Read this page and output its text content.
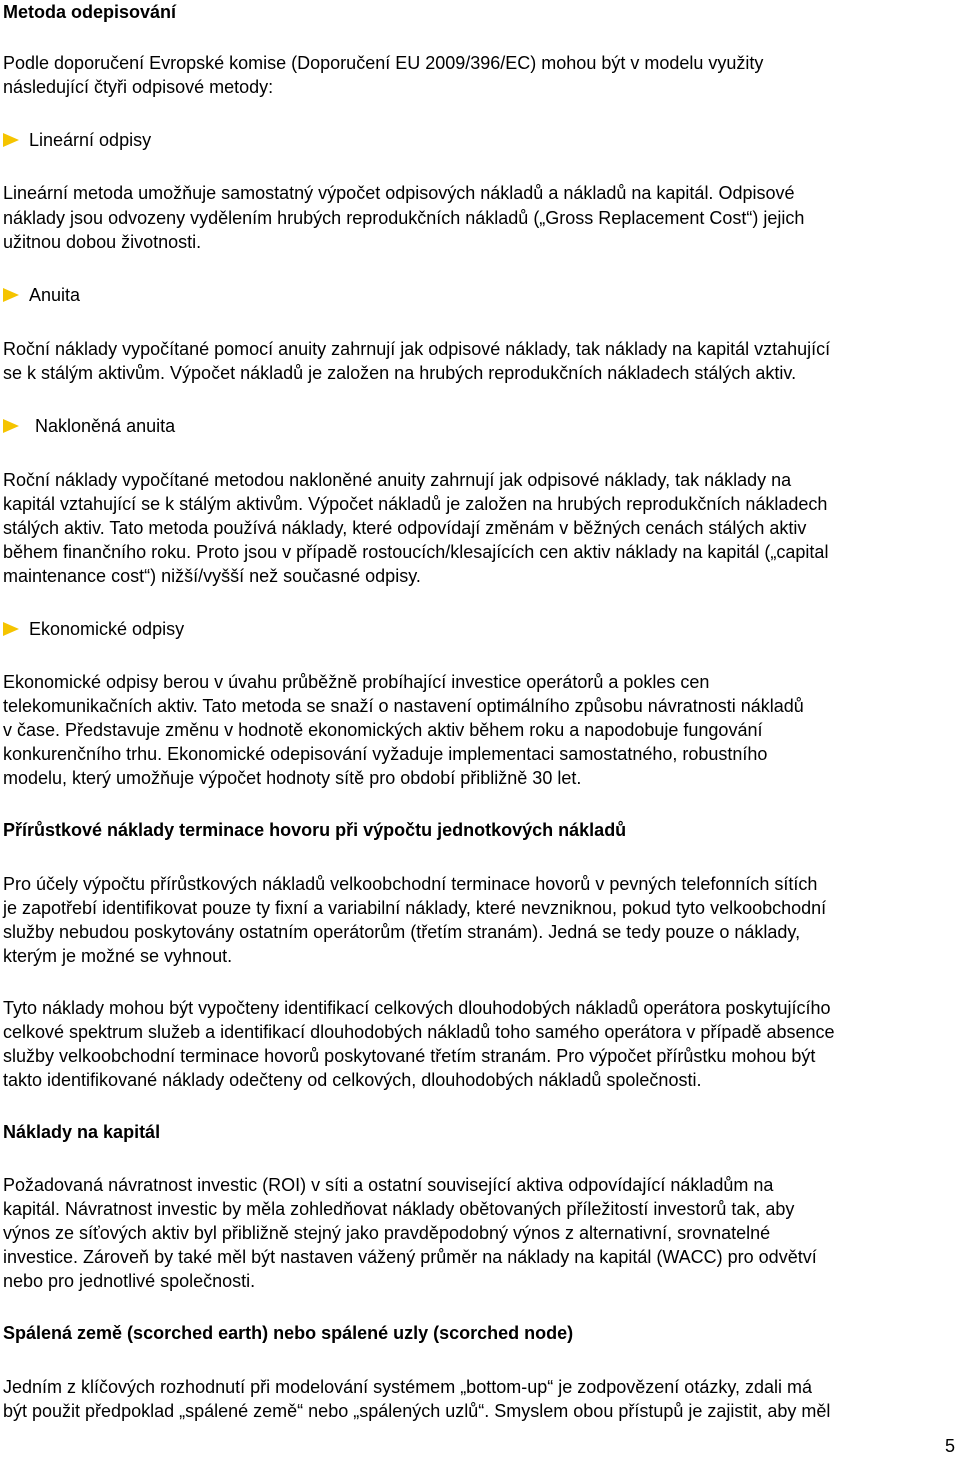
Metoda odepisování
Podle doporučení Evropské komise (Doporučení EU 2009/396/EC) mohou být v modelu využity
následující čtyři odpisové metody:
Lineární odpisy
Lineární metoda umožňuje samostatný výpočet odpisových nákladů a nákladů na kapitál. Odpisové
náklady jsou odvozeny vydělením hrubých reprodukčních nákladů („Gross Replacement Cost“) jejich
užitnou dobou životnosti.
Anuita
Roční náklady vypočítané pomocí anuity zahrnují jak odpisové náklady, tak náklady na kapitál vztahující
se k stálým aktivům. Výpočet nákladů je založen na hrubých reprodukčních nákladech stálých aktiv.
Nakloněná anuita
Roční náklady vypočítané metodou nakloněné anuity zahrnují jak odpisové náklady, tak náklady na
kapitál vztahující se k stálým aktivům. Výpočet nákladů je založen na hrubých reprodukčních nákladech
stálých aktiv. Tato metoda používá náklady, které odpovídají změnám v běžných cenách stálých aktiv
během finančního roku. Proto jsou v případě rostoucích/klesajících cen aktiv náklady na kapitál („capital
maintenance cost“) nižší/vyšší než současné odpisy.
Ekonomické odpisy
Ekonomické odpisy berou v úvahu průběžně probíhající investice operátorů a pokles cen
telekomunikačních aktiv. Tato metoda se snaží o nastavení optimálního způsobu návratnosti nákladů
v čase. Představuje změnu v hodnotě ekonomických aktiv během roku a napodobuje fungování
konkurenčního trhu. Ekonomické odepisování vyžaduje implementaci samostatného, robustního
modelu, který umožňuje výpočet hodnoty sítě pro období přibližně 30 let.
Přírůstkové náklady terminace hovoru při výpočtu jednotkových nákladů
Pro účely výpočtu přírůstkových nákladů velkoobchodní terminace hovorů v pevných telefonních sítích
je zapotřebí identifikovat pouze ty fixní a variabilní náklady, které nevzniknou, pokud tyto velkoobchodní
služby nebudou poskytovány ostatním operátorům (třetím stranám). Jedná se tedy pouze o náklady,
kterým je možné se vyhnout.
Tyto náklady mohou být vypočteny identifikací celkových dlouhodobých nákladů operátora poskytujícího
celkové spektrum služeb a identifikací dlouhodobých nákladů toho samého operátora v případě absence
služby velkoobchodní terminace hovorů poskytované třetím stranám. Pro výpočet přírůstku mohou být
takto identifikované náklady odečteny od celkových, dlouhodobých nákladů společnosti.
Náklady na kapitál
Požadovaná návratnost investic (ROI) v síti a ostatní související aktiva odpovídající nákladům na
kapitál. Návratnost investic by měla zohledňovat náklady obětovaných příležitostí investorů tak, aby
výnos ze síťových aktiv byl přibližně stejný jako pravděpodobný výnos z alternativní, srovnatelné
investice. Zároveň by také měl být nastaven vážený průměr na náklady na kapitál (WACC) pro odvětví
nebo pro jednotlivé společnosti.
Spálená země (scorched earth) nebo spálené uzly (scorched node)
Jedním z klíčových rozhodnutí při modelování systémem „bottom-up“ je zodpovězení otázky, zdali má
být použit předpoklad „spálené země“ nebo „spálených uzlů“. Smyslem obou přístupů je zajistit, aby měl
5
